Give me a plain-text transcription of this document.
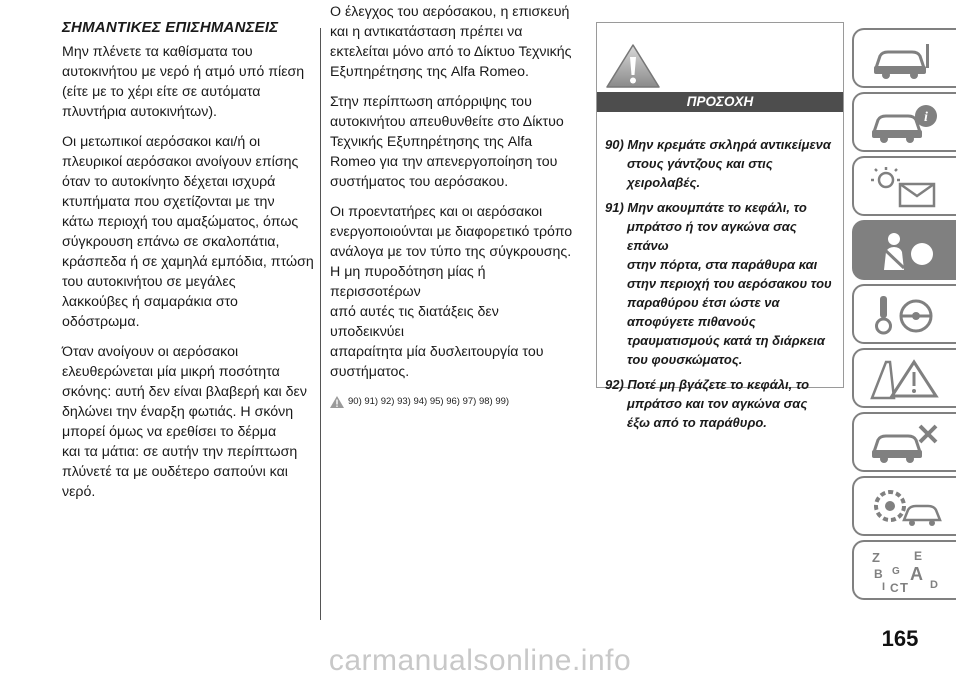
ΣΗΜΑΝΤΙΚΕΣ ΕΠΙΣΗΜΑΝΣΕΙΣ

Μην πλένετε τα καθίσματα του
αυτοκινήτου με νερό ή ατμό υπό πίεση
(είτε με το χέρι είτε σε αυτόματα
πλυντήρια αυτοκινήτων).

Οι μετωπικοί αερόσακοι και/ή οι
πλευρικοί αερόσακοι ανοίγουν επίσης
όταν το αυτοκίνητο δέχεται ισχυρά
κτυπήματα που σχετίζονται με την
κάτω περιοχή του αμαξώματος, όπως
σύγκρουση επάνω σε σκαλοπάτια,
κράσπεδα ή σε χαμηλά εμπόδια, πτώση
του αυτοκινήτου σε μεγάλες
λακκούβες ή σαμαράκια στο
οδόστρωμα.

Όταν ανοίγουν οι αερόσακοι
ελευθερώνεται μία μικρή ποσότητα
σκόνης: αυτή δεν είναι βλαβερή και δεν
δηλώνει την έναρξη φωτιάς. Η σκόνη
μπορεί όμως να ερεθίσει το δέρμα
και τα μάτια: σε αυτήν την περίπτωση
πλύνετέ τα με ουδέτερο σαπούνι και
νερό.

Ο έλεγχος του αερόσακου, η επισκευή
και η αντικατάσταση πρέπει να
εκτελείται μόνο από το Δίκτυο Τεχνικής
Εξυπηρέτησης της Alfa Romeo.

Στην περίπτωση απόρριψης του
αυτοκινήτου απευθυνθείτε στο Δίκτυο
Τεχνικής Εξυπηρέτησης της Alfa
Romeo για την απενεργοποίηση του
συστήματος του αερόσακου.

Οι προεντατήρες και οι αερόσακοι
ενεργοποιούνται με διαφορετικό τρόπο
ανάλογα με τον τύπο της σύγκρουσης.
Η μη πυροδότηση μίας ή περισσοτέρων
από αυτές τις διατάξεις δεν υποδεικνύει
απαραίτητα μία δυσλειτουργία του
συστήματος.

90) 91) 92) 93) 94) 95) 96) 97) 98) 99)
ΠΡΟΣΟΧΗ
90) Μην κρεμάτε σκληρά αντικείμενα
στους γάντζους και στις
χειρολαβές.
91) Μην ακουμπάτε το κεφάλι, το
μπράτσο ή τον αγκώνα σας επάνω
στην πόρτα, στα παράθυρα και
στην περιοχή του αερόσακου του
παραθύρου έτσι ώστε να
αποφύγετε πιθανούς
τραυματισμούς κατά τη διάρκεια
του φουσκώματος.
92) Ποτέ μη βγάζετε το κεφάλι, το
μπράτσο και τον αγκώνα σας
έξω από το παράθυρο.
i
Z	E
B G A
I C T D
165
carmanualsonline.info
